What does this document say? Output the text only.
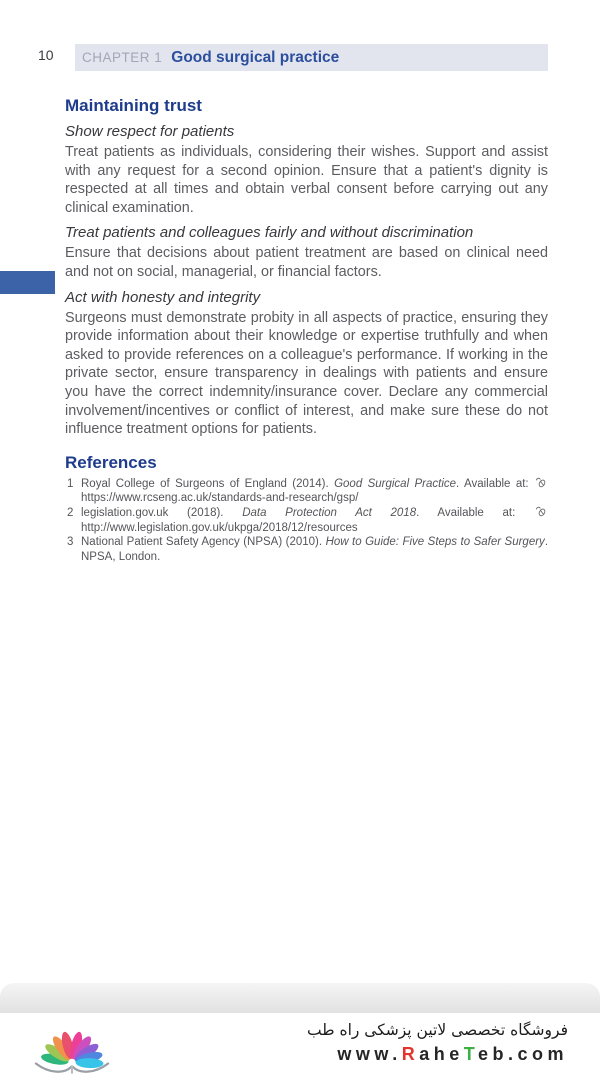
10 CHAPTER 1 Good surgical practice
Maintaining trust
Show respect for patients

Treat patients as individuals, considering their wishes. Support and assist with any request for a second opinion. Ensure that a patient's dignity is respected at all times and obtain verbal consent before carrying out any clinical examination.

Treat patients and colleagues fairly and without discrimination

Ensure that decisions about patient treatment are based on clinical need and not on social, managerial, or financial factors.

Act with honesty and integrity

Surgeons must demonstrate probity in all aspects of practice, ensuring they provide information about their knowledge or expertise truthfully and when asked to provide references on a colleague's performance. If working in the private sector, ensure transparency in dealings with patients and ensure you have the correct indemnity/insurance cover. Declare any commercial involvement/incentives or conflict of interest, and make sure these do not influence treatment options for patients.

References
1 Royal College of Surgeons of England (2014). Good Surgical Practice. Available at: https://www.rcseng.ac.uk/standards-and-research/gsp/
2 legislation.gov.uk (2018). Data Protection Act 2018. Available at: http://www.legislation.gov.uk/ukpga/2018/12/resources
3 National Patient Safety Agency (NPSA) (2010). How to Guide: Five Steps to Safer Surgery. NPSA, London.
فروشگاه تخصصی لاتین پزشکی راه طب
www.RaheTeb.com
